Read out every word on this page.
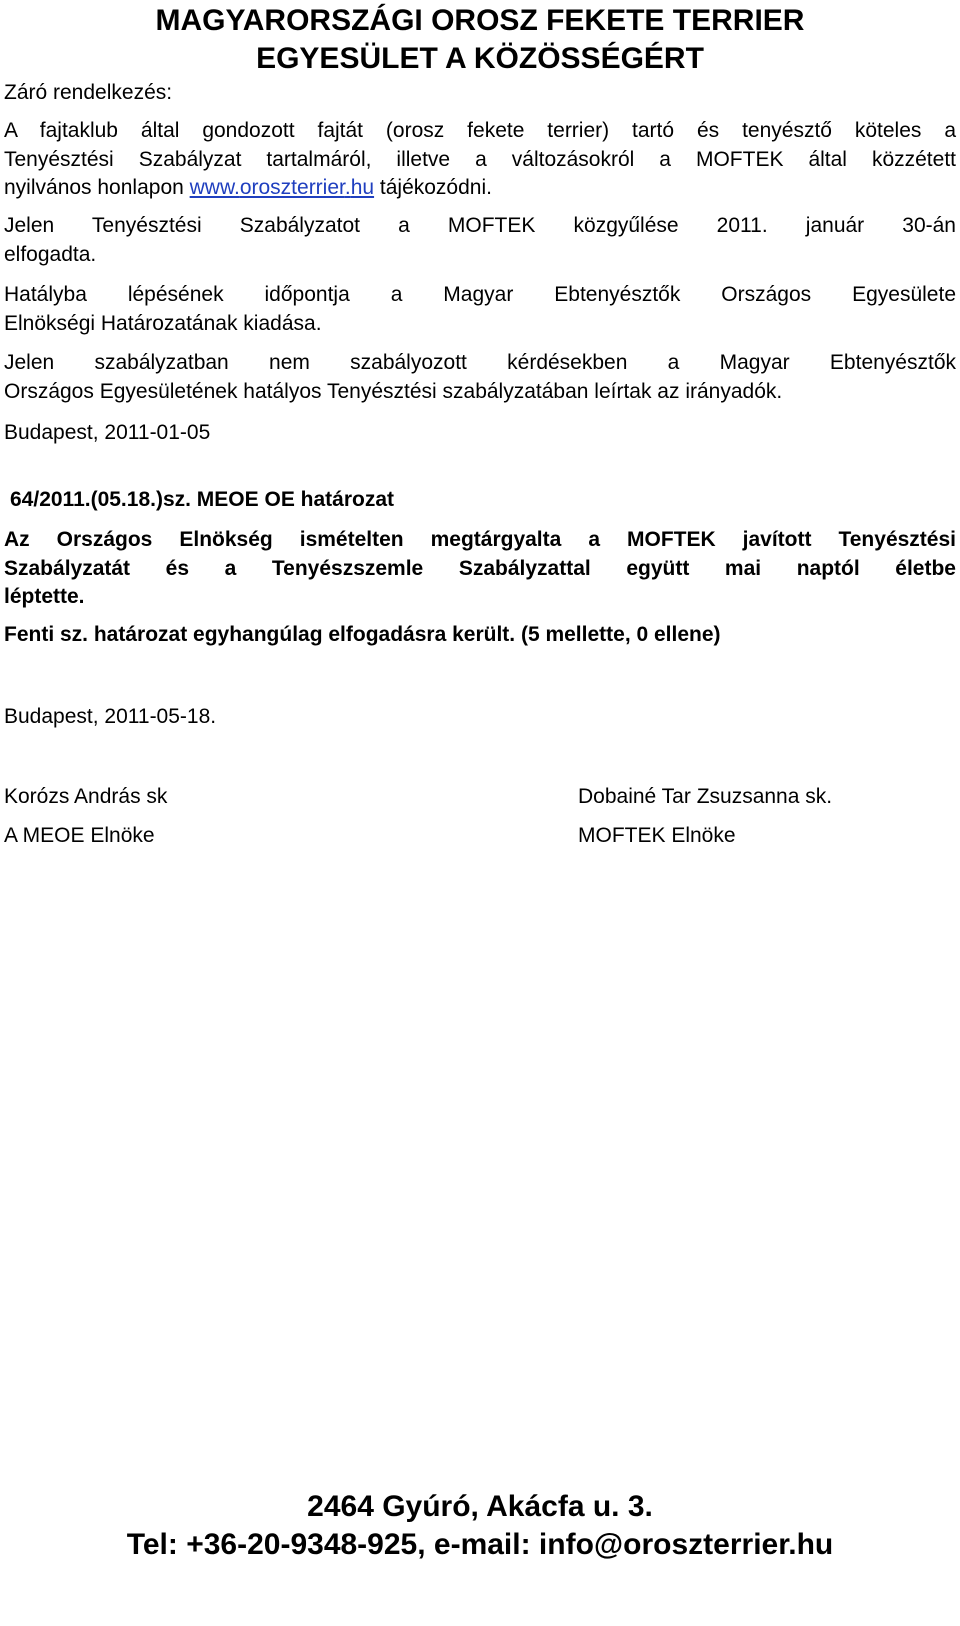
MAGYARORSZÁGI OROSZ FEKETE TERRIER
EGYESÜLET A KÖZÖSSÉGÉRT
Záró rendelkezés:
A fajtaklub által gondozott fajtát (orosz fekete terrier) tartó és tenyésztő köteles a
Tenyésztési Szabályzat tartalmáról, illetve a változásokról a MOFTEK által közzétett
nyilvános honlapon www.oroszterrier.hu tájékozódni.
Jelen Tenyésztési Szabályzatot a MOFTEK közgyűlése 2011. január 30-án
elfogadta.
Hatályba lépésének időpontja a Magyar Ebtenyésztők Országos Egyesülete
Elnökségi Határozatának kiadása.
Jelen szabályzatban nem szabályozott kérdésekben a Magyar Ebtenyésztők
Országos Egyesületének hatályos Tenyésztési szabályzatában leírtak az irányadók.
Budapest, 2011-01-05
64/2011.(05.18.)sz. MEOE OE határozat
Az Országos Elnökség ismételten megtárgyalta a MOFTEK javított Tenyésztési
Szabályzatát és a Tenyészszemle Szabályzattal együtt mai naptól életbe
léptette.
Fenti sz. határozat egyhangúlag elfogadásra került. (5 mellette, 0 ellene)
Budapest, 2011-05-18.
Korózs András sk
A MEOE Elnöke
Dobainé Tar Zsuzsanna sk.
MOFTEK Elnöke
2464 Gyúró, Akácfa u. 3.
Tel: +36-20-9348-925, e-mail: info@oroszterrier.hu
